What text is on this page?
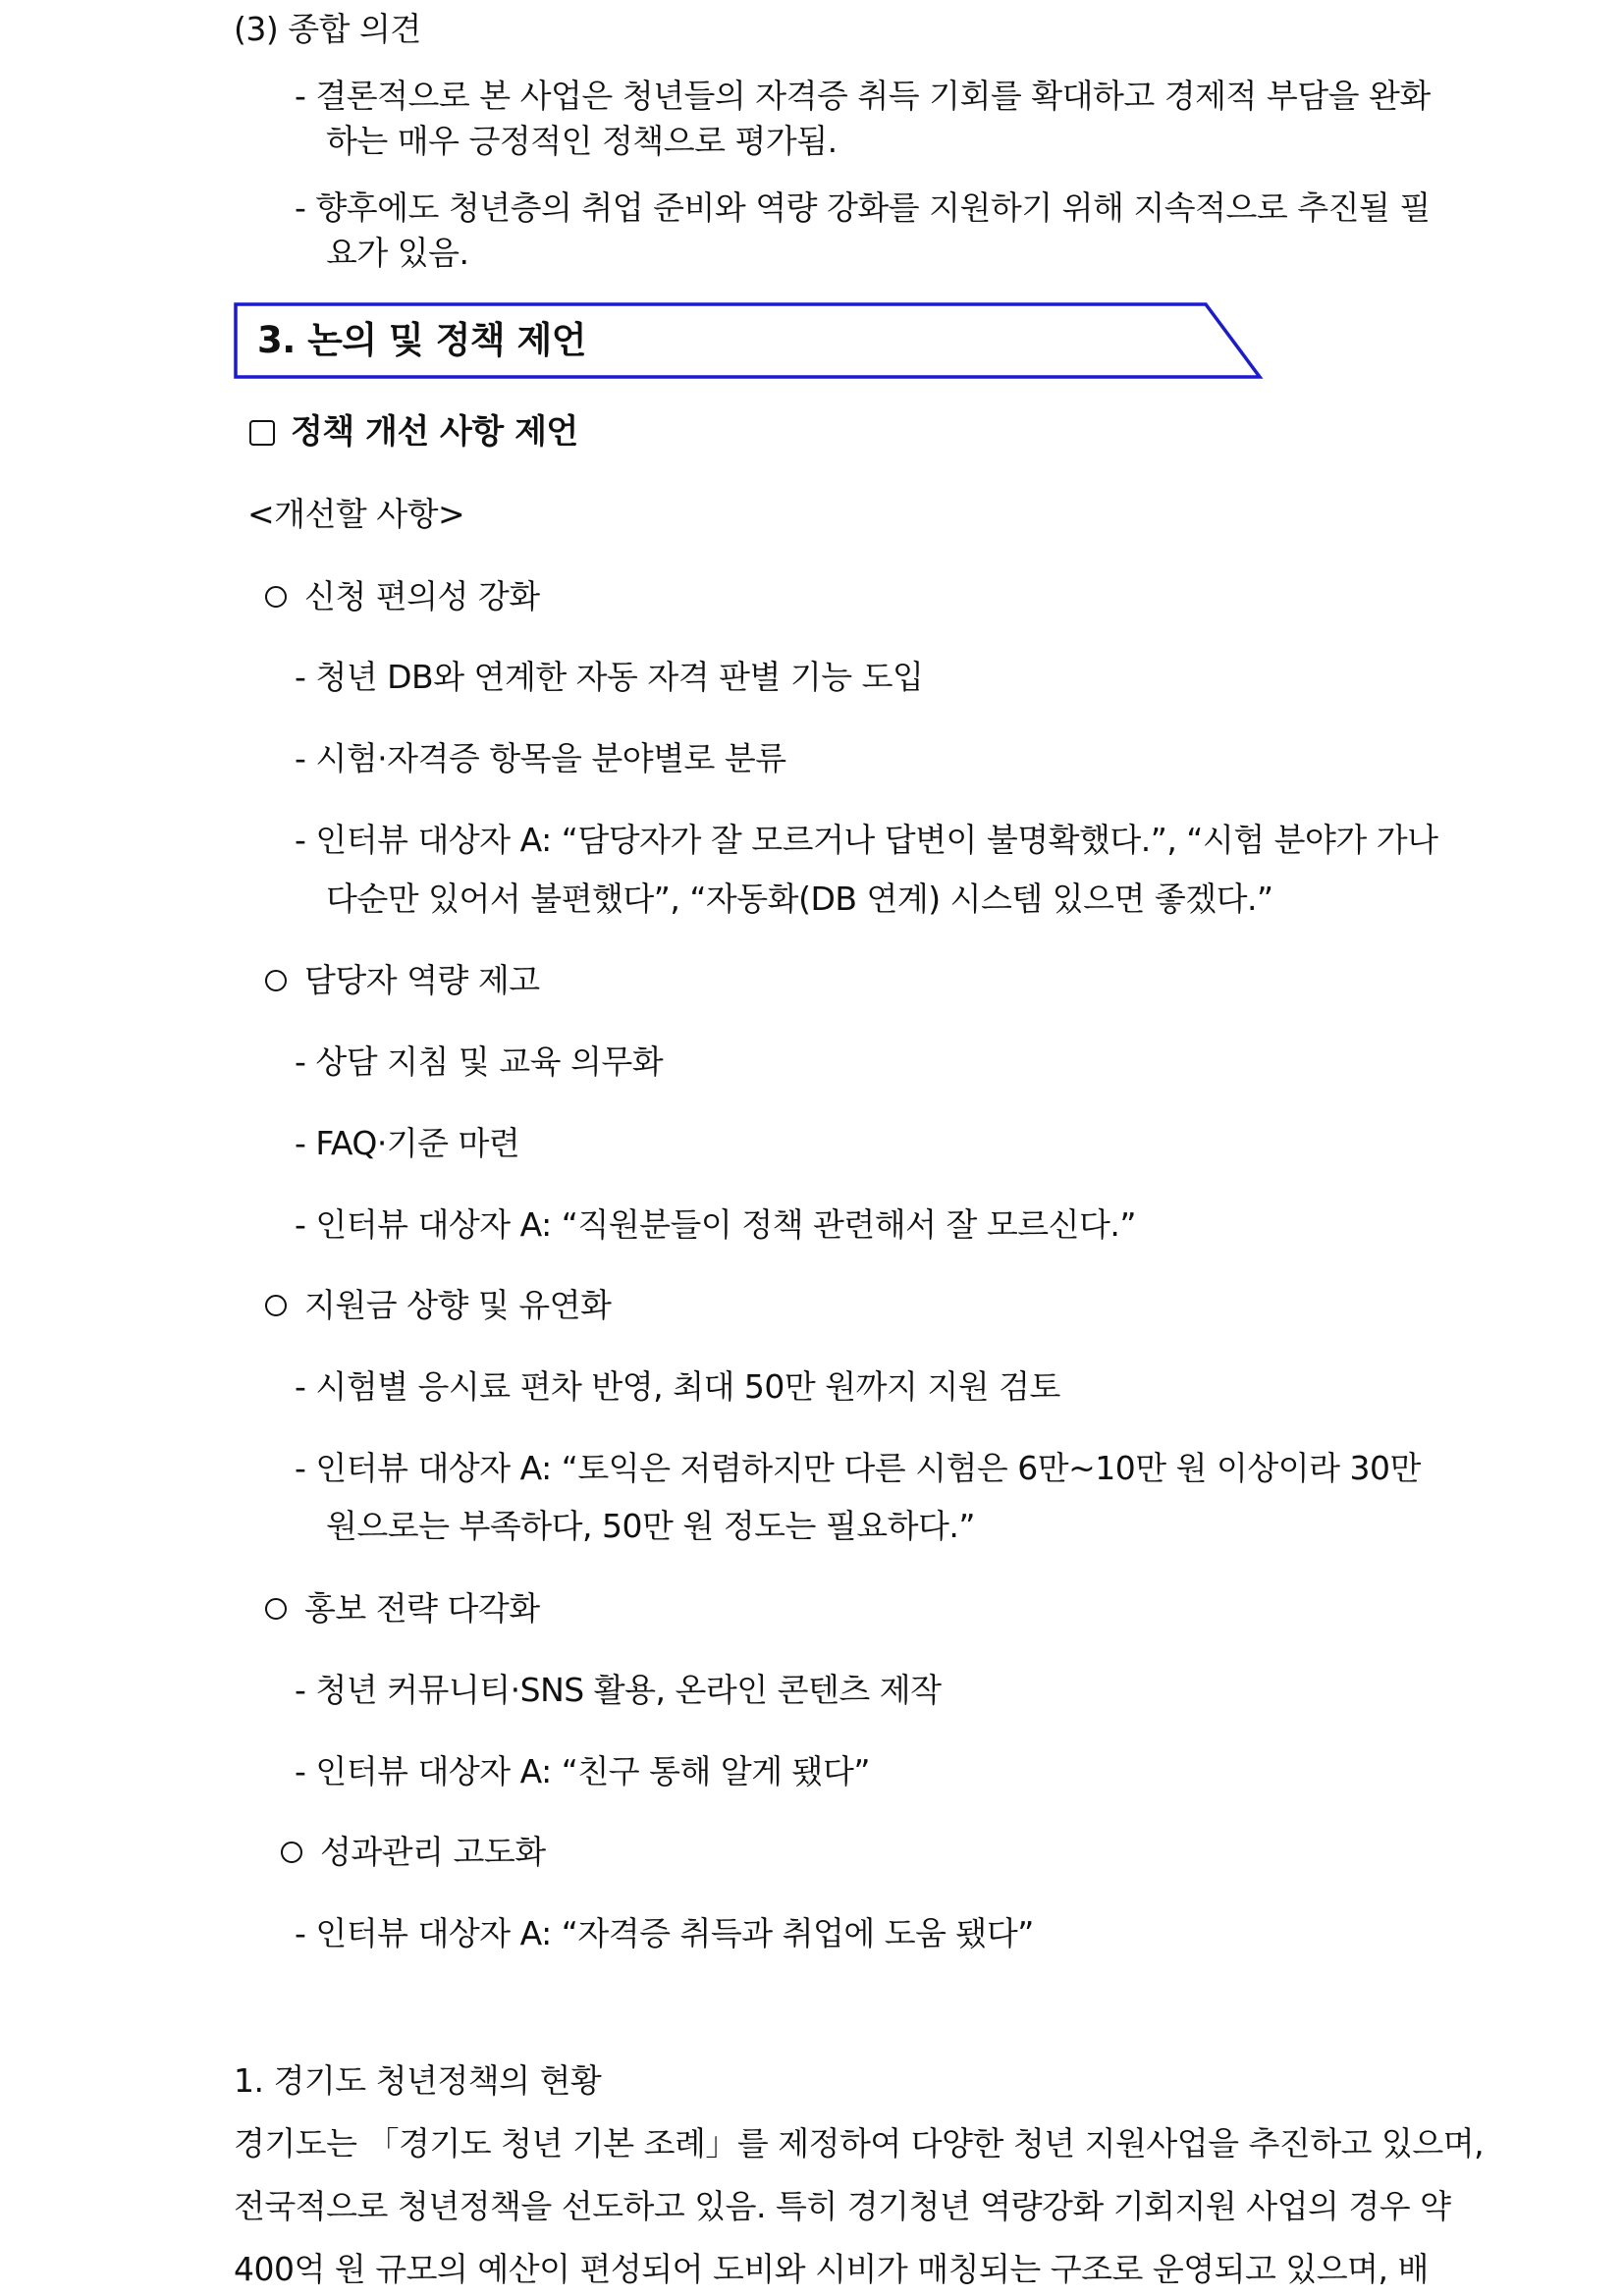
(3) 종합 의견
- 결론적으로 본 사업은 청년들의 자격증 취득 기회를 확대하고 경제적 부담을 완화
하는 매우 긍정적인 정책으로 평가됨.
- 향후에도 청년층의 취업 준비와 역량 강화를 지원하기 위해 지속적으로 추진될 필
요가 있음.
3. 논의 및 정책 제언
정책 개선 사항 제언
<개선할 사항>
신청 편의성 강화
- 청년 DB와 연계한 자동 자격 판별 기능 도입
- 시험·자격증 항목을 분야별로 분류
- 인터뷰 대상자 A: “담당자가 잘 모르거나 답변이 불명확했다.”, “시험 분야가 가나
다순만 있어서 불편했다”, “자동화(DB 연계) 시스템 있으면 좋겠다.”
담당자 역량 제고
- 상담 지침 및 교육 의무화
- FAQ·기준 마련
- 인터뷰 대상자 A: “직원분들이 정책 관련해서 잘 모르신다.”
지원금 상향 및 유연화
- 시험별 응시료 편차 반영, 최대 50만 원까지 지원 검토
- 인터뷰 대상자 A: “토익은 저렴하지만 다른 시험은 6만~10만 원 이상이라 30만
원으로는 부족하다, 50만 원 정도는 필요하다.”
홍보 전략 다각화
- 청년 커뮤니티·SNS 활용, 온라인 콘텐츠 제작
- 인터뷰 대상자 A: “친구 통해 알게 됐다”
성과관리 고도화
- 인터뷰 대상자 A: “자격증 취득과 취업에 도움 됐다”
1. 경기도 청년정책의 현황
경기도는 「경기도 청년 기본 조례」를 제정하여 다양한 청년 지원사업을 추진하고 있으며,
전국적으로 청년정책을 선도하고 있음. 특히 경기청년 역량강화 기회지원 사업의 경우 약
400억 원 규모의 예산이 편성되어 도비와 시비가 매칭되는 구조로 운영되고 있으며, 배
